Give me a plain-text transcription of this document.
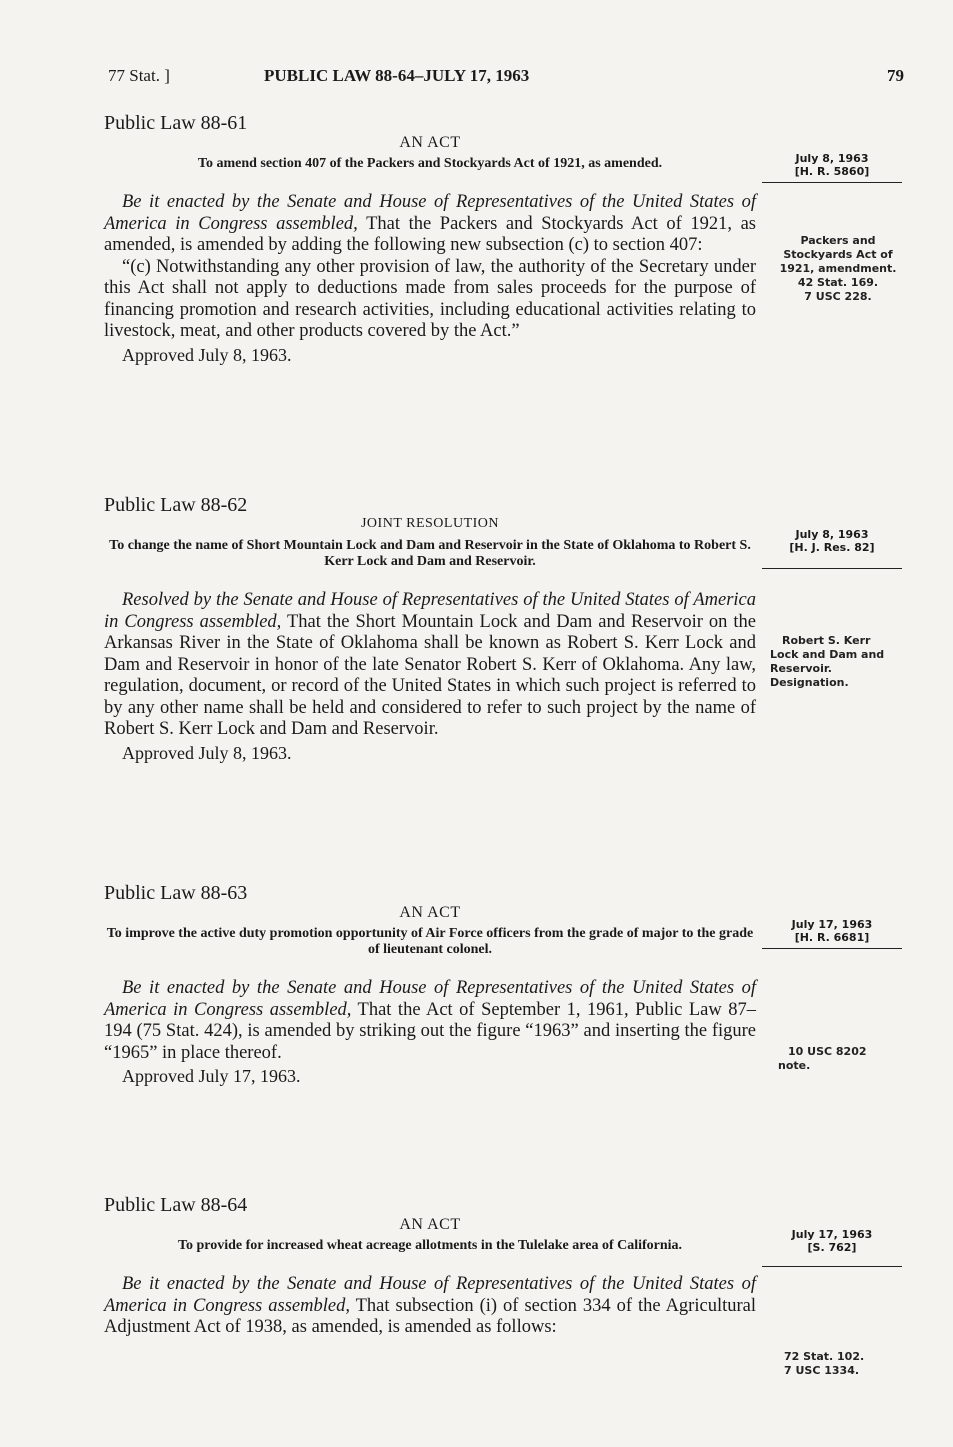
77 Stat. ]	PUBLIC LAW 88-64–JULY 17, 1963	79
Public Law 88-61
AN ACT
To amend section 407 of the Packers and Stockyards Act of 1921, as amended.

Be it enacted by the Senate and House of Representatives of the United States of America in Congress assembled, That the Packers and Stockyards Act of 1921, as amended, is amended by adding the following new subsection (c) to section 407:

“(c) Notwithstanding any other provision of law, the authority of the Secretary under this Act shall not apply to deductions made from sales proceeds for the purpose of financing promotion and research activities, including educational activities relating to livestock, meat, and other products covered by the Act.”

Approved July 8, 1963.
July 8, 1963
[H. R. 5860]
Packers and
Stockyards Act of
1921, amendment.
42 Stat. 169.
7 USC 228.
Public Law 88-62
JOINT RESOLUTION
To change the name of Short Mountain Lock and Dam and Reservoir in the State of Oklahoma to Robert S. Kerr Lock and Dam and Reservoir.

Resolved by the Senate and House of Representatives of the United States of America in Congress assembled, That the Short Mountain Lock and Dam and Reservoir on the Arkansas River in the State of Oklahoma shall be known as Robert S. Kerr Lock and Dam and Reservoir in honor of the late Senator Robert S. Kerr of Oklahoma. Any law, regulation, document, or record of the United States in which such project is referred to by any other name shall be held and considered to refer to such project by the name of Robert S. Kerr Lock and Dam and Reservoir.

Approved July 8, 1963.
July 8, 1963
[H. J. Res. 82]
Robert S. Kerr
Lock and Dam and
Reservoir.
Designation.
Public Law 88-63
AN ACT
To improve the active duty promotion opportunity of Air Force officers from the grade of major to the grade of lieutenant colonel.

Be it enacted by the Senate and House of Representatives of the United States of America in Congress assembled, That the Act of September 1, 1961, Public Law 87–194 (75 Stat. 424), is amended by striking out the figure “1963” and inserting the figure “1965” in place thereof.

Approved July 17, 1963.
July 17, 1963
[H. R. 6681]
10 USC 8202
note.
Public Law 88-64
AN ACT
To provide for increased wheat acreage allotments in the Tulelake area of California.

Be it enacted by the Senate and House of Representatives of the United States of America in Congress assembled, That subsection (i) of section 334 of the Agricultural Adjustment Act of 1938, as amended, is amended as follows:

July 17, 1963
[S. 762]
72 Stat. 102.
7 USC 1334.
